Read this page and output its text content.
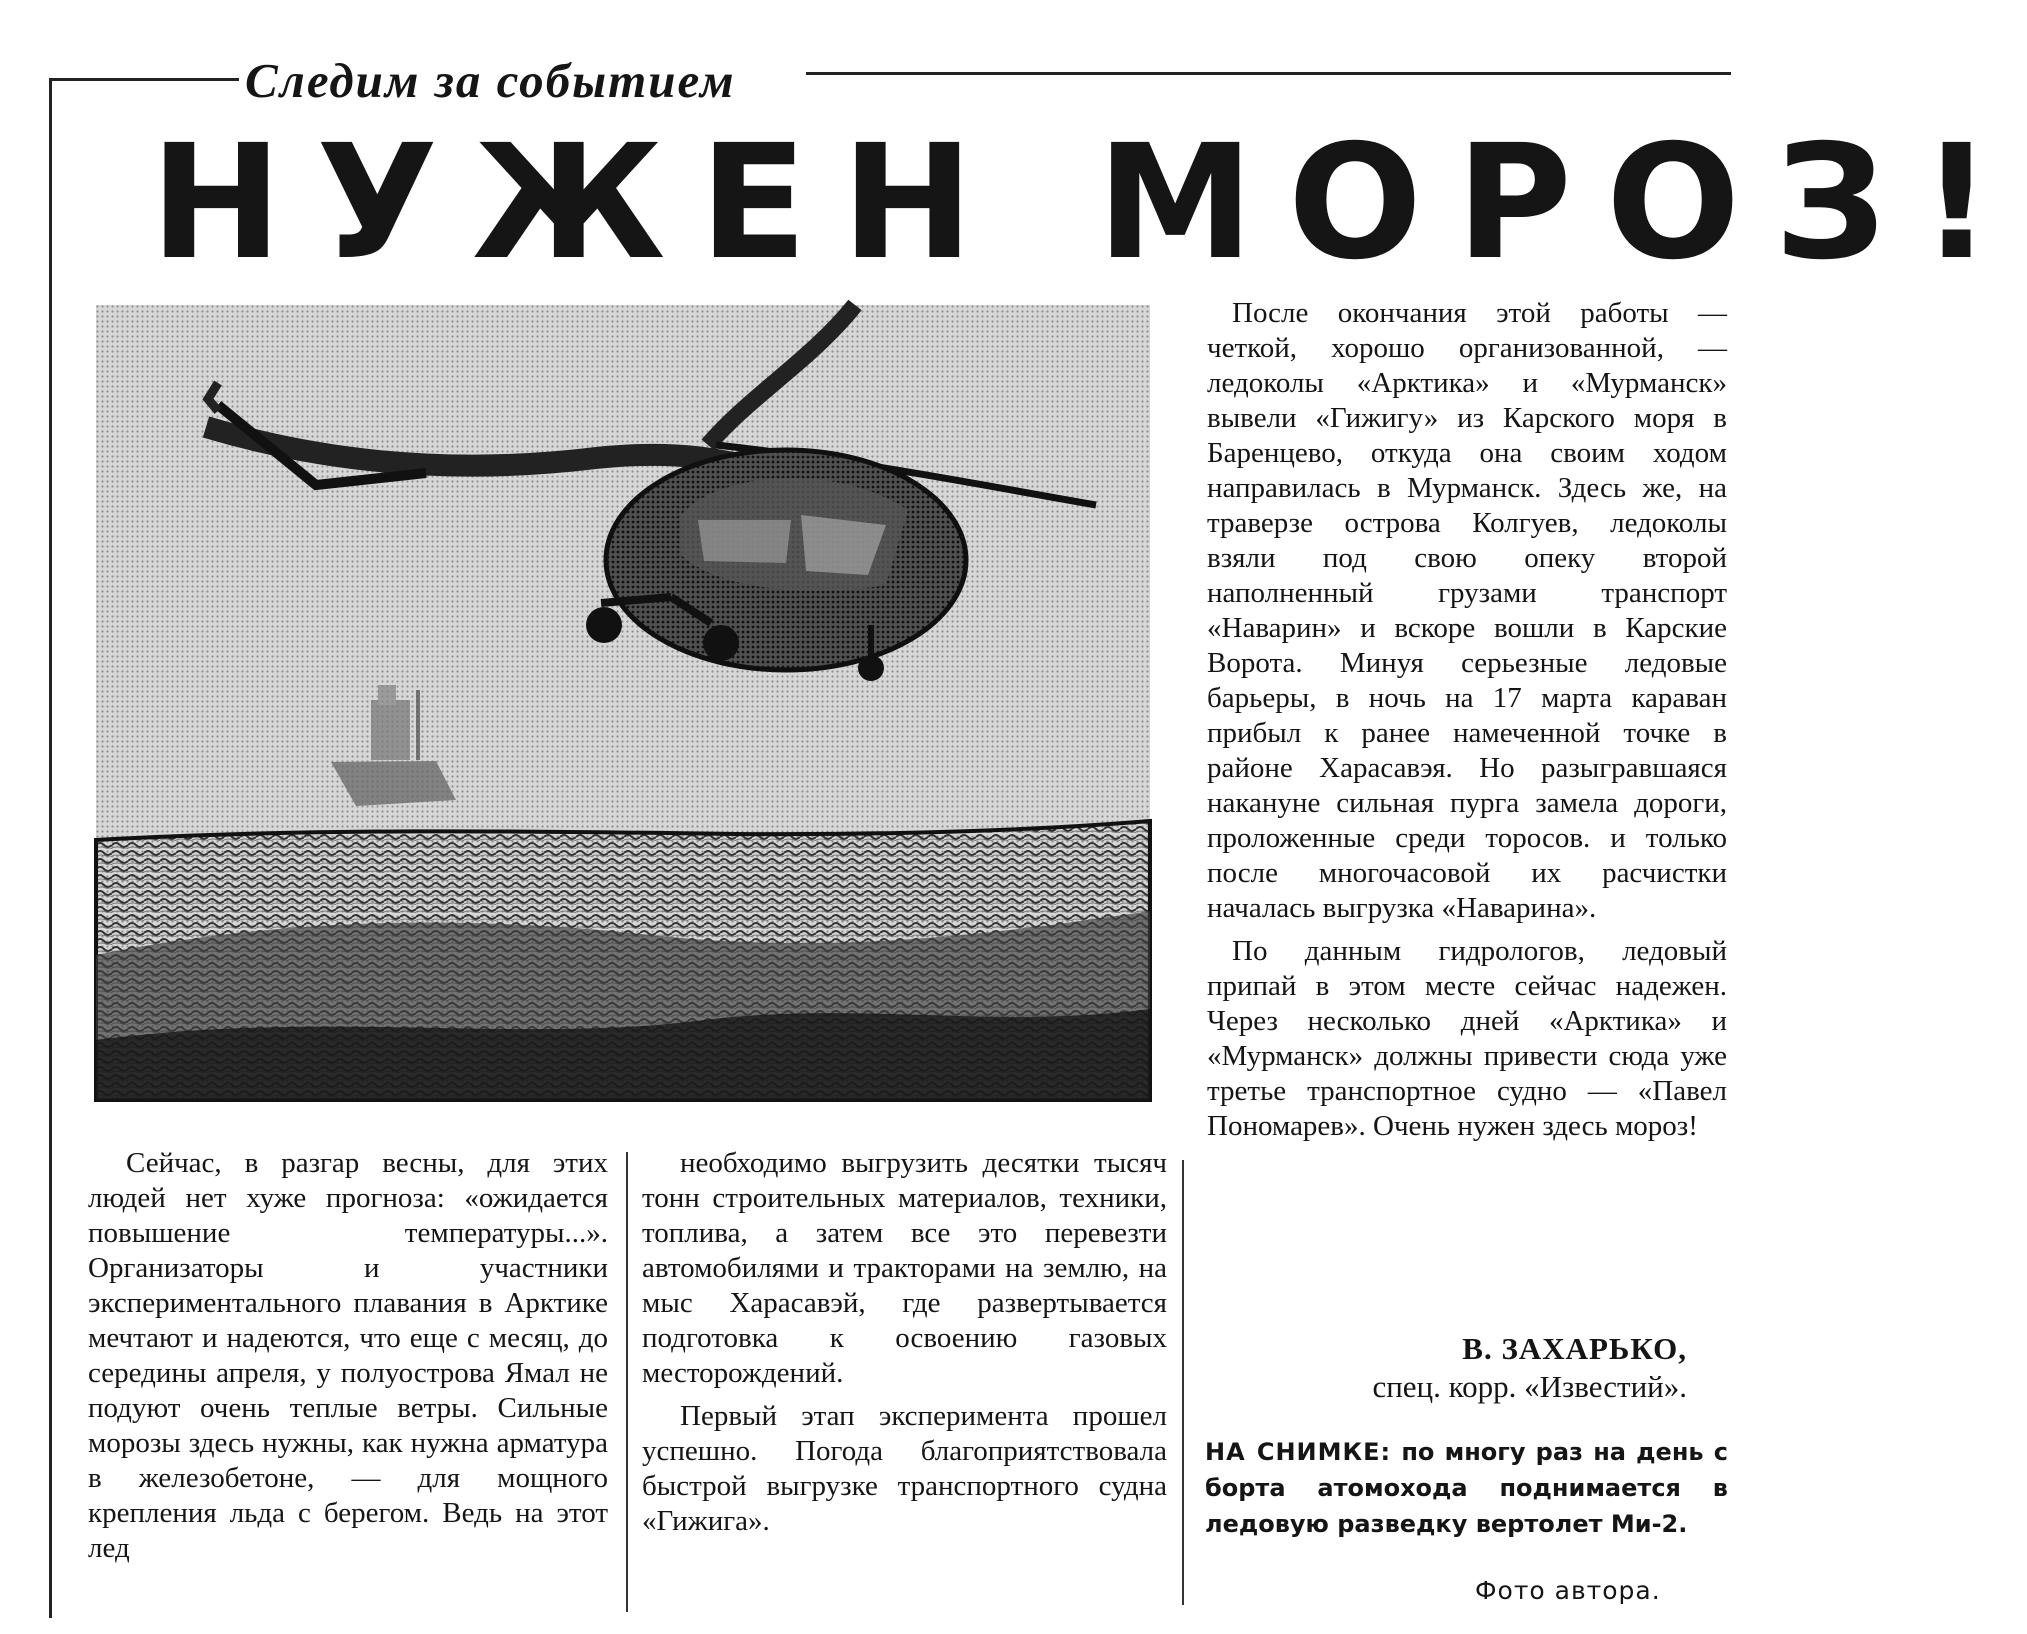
Следим за событием
НУЖЕН МОРОЗ!

Сейчас, в разгар весны, для этих людей нет хуже прогноза: «ожидается повышение температуры...». Организаторы и участники экспериментального плавания в Арктике мечтают и надеются, что еще с месяц, до середины апреля, у полуострова Ямал не подуют очень теплые ветры. Сильные морозы здесь нужны, как нужна арматура в железобетоне, — для мощного крепления льда с берегом. Ведь на этот лед

необходимо выгрузить десятки тысяч тонн строительных материалов, техники, топлива, а затем все это перевезти автомобилями и тракторами на землю, на мыс Харасавэй, где развертывается подготовка к освоению газовых месторождений.

Первый этап эксперимента прошел успешно. Погода благоприятствовала быстрой выгрузке транспортного судна «Гижига».

После окончания этой работы — четкой, хорошо организованной, — ледоколы «Арктика» и «Мурманск» вывели «Гижигу» из Карского моря в Баренцево, откуда она своим ходом направилась в Мурманск. Здесь же, на траверзе острова Колгуев, ледоколы взяли под свою опеку второй наполненный грузами транспорт «Наварин» и вскоре вошли в Карские Ворота. Минуя серьезные ледовые барьеры, в ночь на 17 марта караван прибыл к ранее намеченной точке в районе Харасавэя. Но разыгравшаяся накануне сильная пурга замела дороги, проложенные среди торосов. и только после многочасовой их расчистки началась выгрузка «Наварина».

По данным гидрологов, ледовый припай в этом месте сейчас надежен. Через несколько дней «Арктика» и «Мурманск» должны привести сюда уже третье транспортное судно — «Павел Пономарев». Очень нужен здесь мороз!

В. ЗАХАРЬКО,
спец. корр. «Известий».
НА СНИМКЕ: по многу раз на день с борта атомохода поднимается в ледовую разведку вертолет Ми-2.
Фото автора.
